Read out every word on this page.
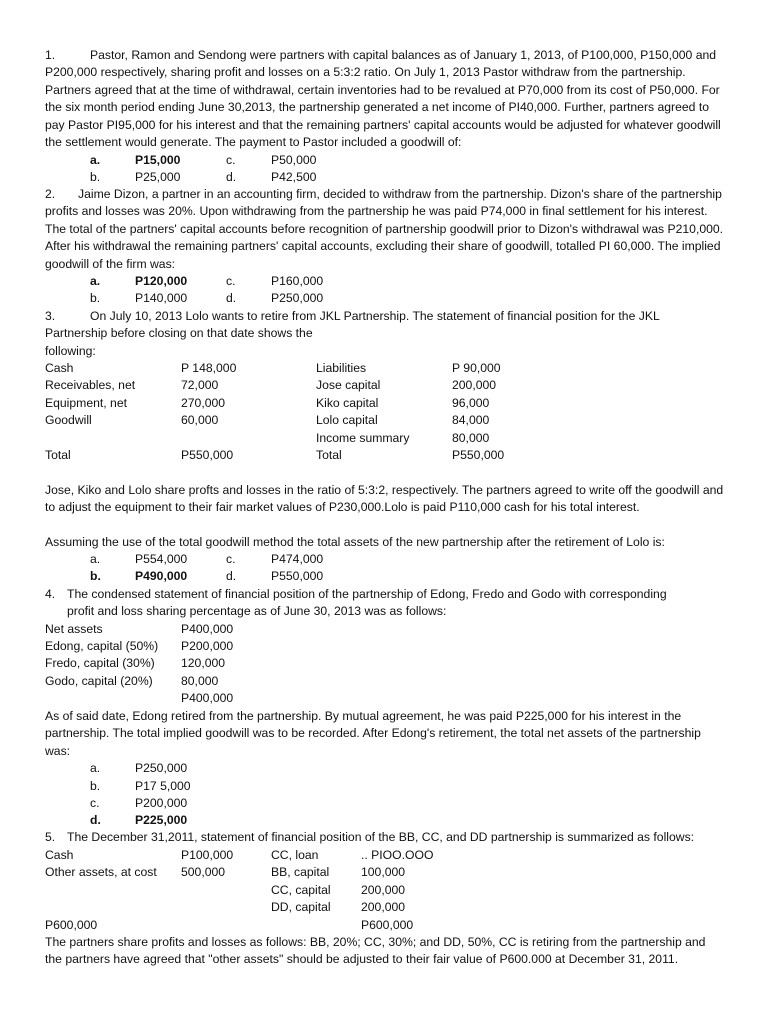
1.	Pastor, Ramon and Sendong were partners with capital balances as of January 1, 2013, of P100,000, P150,000 and P200,000 respectively, sharing profit and losses on a 5:3:2 ratio. On July 1, 2013 Pastor withdraw from the partnership. Partners agreed that at the time of withdrawal, certain inventories had to be revalued at P70,000 from its cost of P50,000. For the six month period ending June 30,2013, the partnership generated a net income of PI40,000. Further, partners agreed to pay Pastor PI95,000 for his interest and that the remaining partners' capital accounts would be adjusted for whatever goodwill the settlement would generate. The payment to Pastor included a goodwill of:
a.	P15,000	c.	P50,000
b.	P25,000	d.	P42,500
2. Jaime Dizon, a partner in an accounting firm, decided to withdraw from the partnership. Dizon's share of the partnership profits and losses was 20%. Upon withdrawing from the partnership he was paid P74,000 in final settlement for his interest. The total of the partners' capital accounts before recognition of partnership goodwill prior to Dizon's withdrawal was P210,000. After his withdrawal the remaining partners' capital accounts, excluding their share of goodwill, totalled PI 60,000. The implied goodwill of the firm was:
a.	P120,000	c.	P160,000
b.	P140,000	d.	P250,000
3.	On July 10, 2013 Lolo wants to retire from JKL Partnership. The statement of financial position for the JKL
Partnership before closing on that date shows the
following:
Cash	P 148,000	Liabilities	P 90,000
Receivables, net	72,000	Jose capital	200,000
Equipment, net	270,000	Kiko capital	96,000
Goodwill	60,000	Lolo capital	84,000
Income summary	80,000
Total	P550,000	Total	P550,000
Jose, Kiko and Lolo share profts and losses in the ratio of 5:3:2, respectively. The partners agreed to write off the goodwill and to adjust the equipment to their fair market values of P230,000.Lolo is paid P110,000 cash for his total interest.
Assuming the use of the total goodwill method the total assets of the new partnership after the retirement of Lolo is:
a.	P554,000	c.	P474,000
b.	P490,000	d.	P550,000
4. The condensed statement of financial position of the partnership of Edong, Fredo and Godo with corresponding
profit and loss sharing percentage as of June 30, 2013 was as follows:
Net assets	P400,000
Edong, capital (50%) P200,000
Fredo, capital (30%) 120,000
Godo, capital (20%) 80,000
P400,000
As of said date, Edong retired from the partnership. By mutual agreement, he was paid P225,000 for his interest in the partnership. The total implied goodwill was to be recorded. After Edong's retirement, the total net assets of the partnership was:
a.	P250,000
b.	P17 5,000
c.	P200,000
d.	P225,000
5. The December 31,2011, statement of financial position of the BB, CC, and DD partnership is summarized as follows:
Cash	P100,000	CC, loan	.. PIOO.OOO
Other assets, at cost 500,000	BB, capital	100,000
CC, capital 200,000
DD, capital 200,000
P600,000	P600,000
The partners share profits and losses as follows: BB, 20%; CC, 30%; and DD, 50%, CC is retiring from the partnership and the partners have agreed that "other assets" should be adjusted to their fair value of P600.000 at December 31, 2011.
